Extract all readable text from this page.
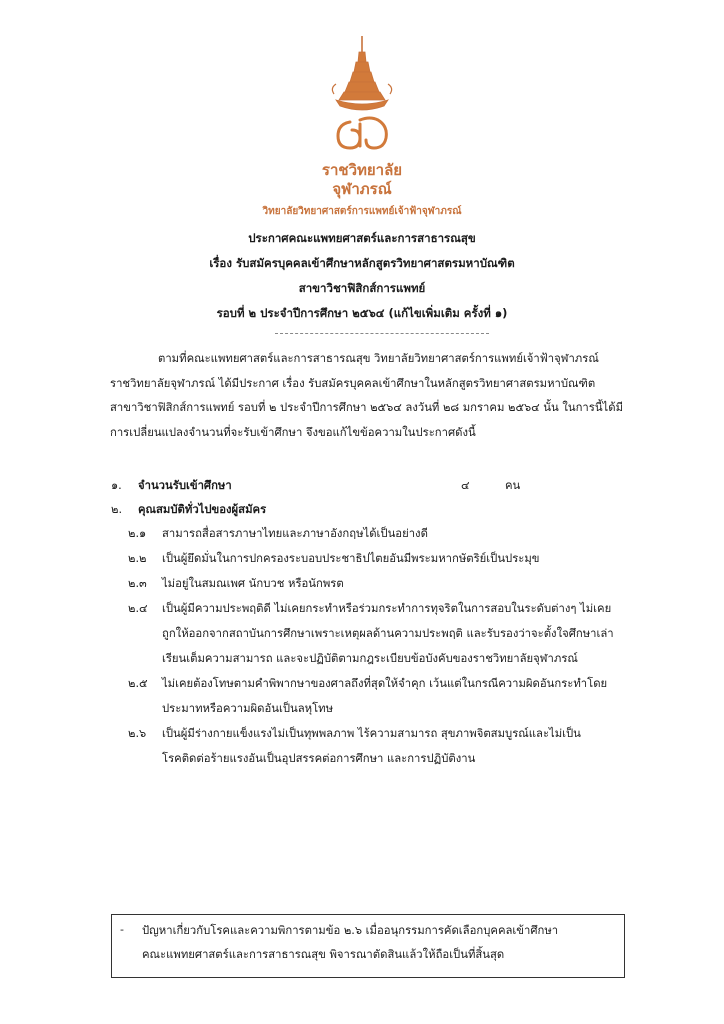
ราชวิทยาลัย
จุฬาภรณ์
วิทยาลัยวิทยาศาสตร์การแพทย์เจ้าฟ้าจุฬาภรณ์
ประกาศคณะแพทยศาสตร์และการสาธารณสุข
เรื่อง รับสมัครบุคคลเข้าศึกษาหลักสูตรวิทยาศาสตรมหาบัณฑิต
สาขาวิชาฟิสิกส์การแพทย์
รอบที่ ๒ ประจำปีการศึกษา ๒๕๖๔ (แก้ไขเพิ่มเติม ครั้งที่ ๑)
ตามที่คณะแพทยศาสตร์และการสาธารณสุข วิทยาลัยวิทยาศาสตร์การแพทย์เจ้าฟ้าจุฬาภรณ์
ราชวิทยาลัยจุฬาภรณ์ ได้มีประกาศ เรื่อง รับสมัครบุคคลเข้าศึกษาในหลักสูตรวิทยาศาสตรมหาบัณฑิต
สาขาวิชาฟิสิกส์การแพทย์ รอบที่ ๒ ประจำปีการศึกษา ๒๕๖๔ ลงวันที่ ๒๘ มกราคม ๒๕๖๔ นั้น ในการนี้ได้มี
การเปลี่ยนแปลงจำนวนที่จะรับเข้าศึกษา จึงขอแก้ไขข้อความในประกาศดังนี้
๑. จำนวนรับเข้าศึกษา	๔	คน
๒. คุณสมบัติทั่วไปของผู้สมัคร
๒.๑ สามารถสื่อสารภาษาไทยและภาษาอังกฤษได้เป็นอย่างดี
๒.๒ เป็นผู้ยึดมั่นในการปกครองระบอบประชาธิปไตยอันมีพระมหากษัตริย์เป็นประมุข
๒.๓ ไม่อยู่ในสมณเพศ นักบวช หรือนักพรต
๒.๔ เป็นผู้มีความประพฤติดี ไม่เคยกระทำหรือร่วมกระทำการทุจริตในการสอบในระดับต่างๆ ไม่เคย
ถูกให้ออกจากสถาบันการศึกษาเพราะเหตุผลด้านความประพฤติ และรับรองว่าจะตั้งใจศึกษาเล่า
เรียนเต็มความสามารถ และจะปฏิบัติตามกฎระเบียบข้อบังคับของราชวิทยาลัยจุฬาภรณ์
๒.๕ ไม่เคยต้องโทษตามคำพิพากษาของศาลถึงที่สุดให้จำคุก เว้นแต่ในกรณีความผิดอันกระทำโดย
ประมาทหรือความผิดอันเป็นลหุโทษ
๒.๖ เป็นผู้มีร่างกายแข็งแรงไม่เป็นทุพพลภาพ ไร้ความสามารถ สุขภาพจิตสมบูรณ์และไม่เป็น
โรคติดต่อร้ายแรงอันเป็นอุปสรรคต่อการศึกษา และการปฏิบัติงาน
- ปัญหาเกี่ยวกับโรคและความพิการตามข้อ ๒.๖ เมื่ออนุกรรมการคัดเลือกบุคคลเข้าศึกษา
คณะแพทยศาสตร์และการสาธารณสุข พิจารณาตัดสินแล้วให้ถือเป็นที่สิ้นสุด
